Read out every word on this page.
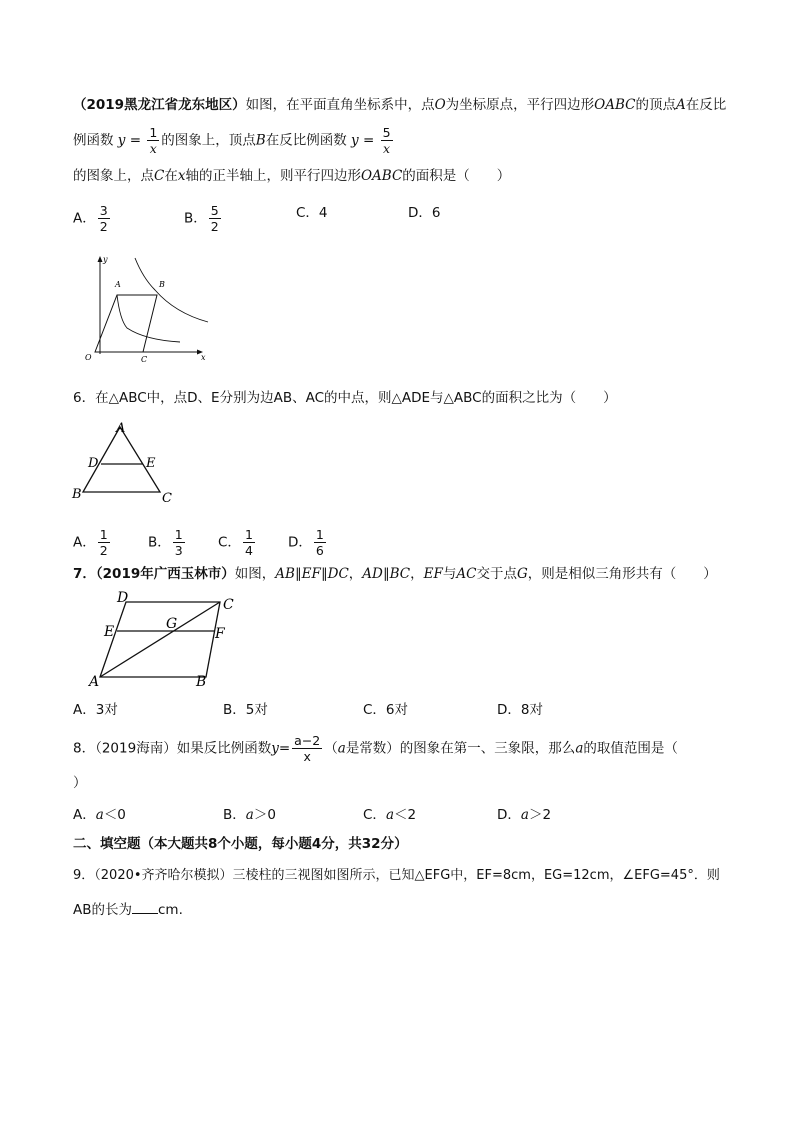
（2019黑龙江省龙东地区）如图，在平面直角坐标系中，点O为坐标原点，平行四边形OABC的顶点A在反比
例函数 $y = \frac{1}{x}$ 的图象上，顶点B在反比例函数 $y = \frac{5}{x}$
的图象上，点C在x轴的正半轴上，则平行四边形OABC的面积是（　　）
A． $\frac{3}{2}$	B． $\frac{5}{2}$	C．4	D．6
y
A	B
O	C	x
6．在△ABC中，点D、E分别为边AB、AC的中点，则△ADE与△ABC的面积之比为（　　）
A
D	E
B	C
A． $\frac{1}{2}$	B． $\frac{1}{3}$ C． $\frac{1}{4}$ D． $\frac{1}{6}$
7．（2019年广西玉林市）如图，AB∥EF∥DC，AD∥BC，EF与AC交于点G，则是相似三角形共有（　　）
D	C
E	G
F
A	B
A．3对	B．5对	C．6对	D．8对
8．（2019海南）如果反比例函数$y= \frac{a-2}{x} (a$是常数）的图象在第一、三象限，那么a的取值范围是（
）
A．a＜0	B．a＞0	C．a＜2	D．a＞2
二、填空题（本大题共8个小题，每小题4分，共32分）
9．（2020•齐齐哈尔模拟）三棱柱的三视图如图所示，已知△EFG中，EF=8cm，EG=12cm，∠EFG=45°．则
AB的长为 cm.
